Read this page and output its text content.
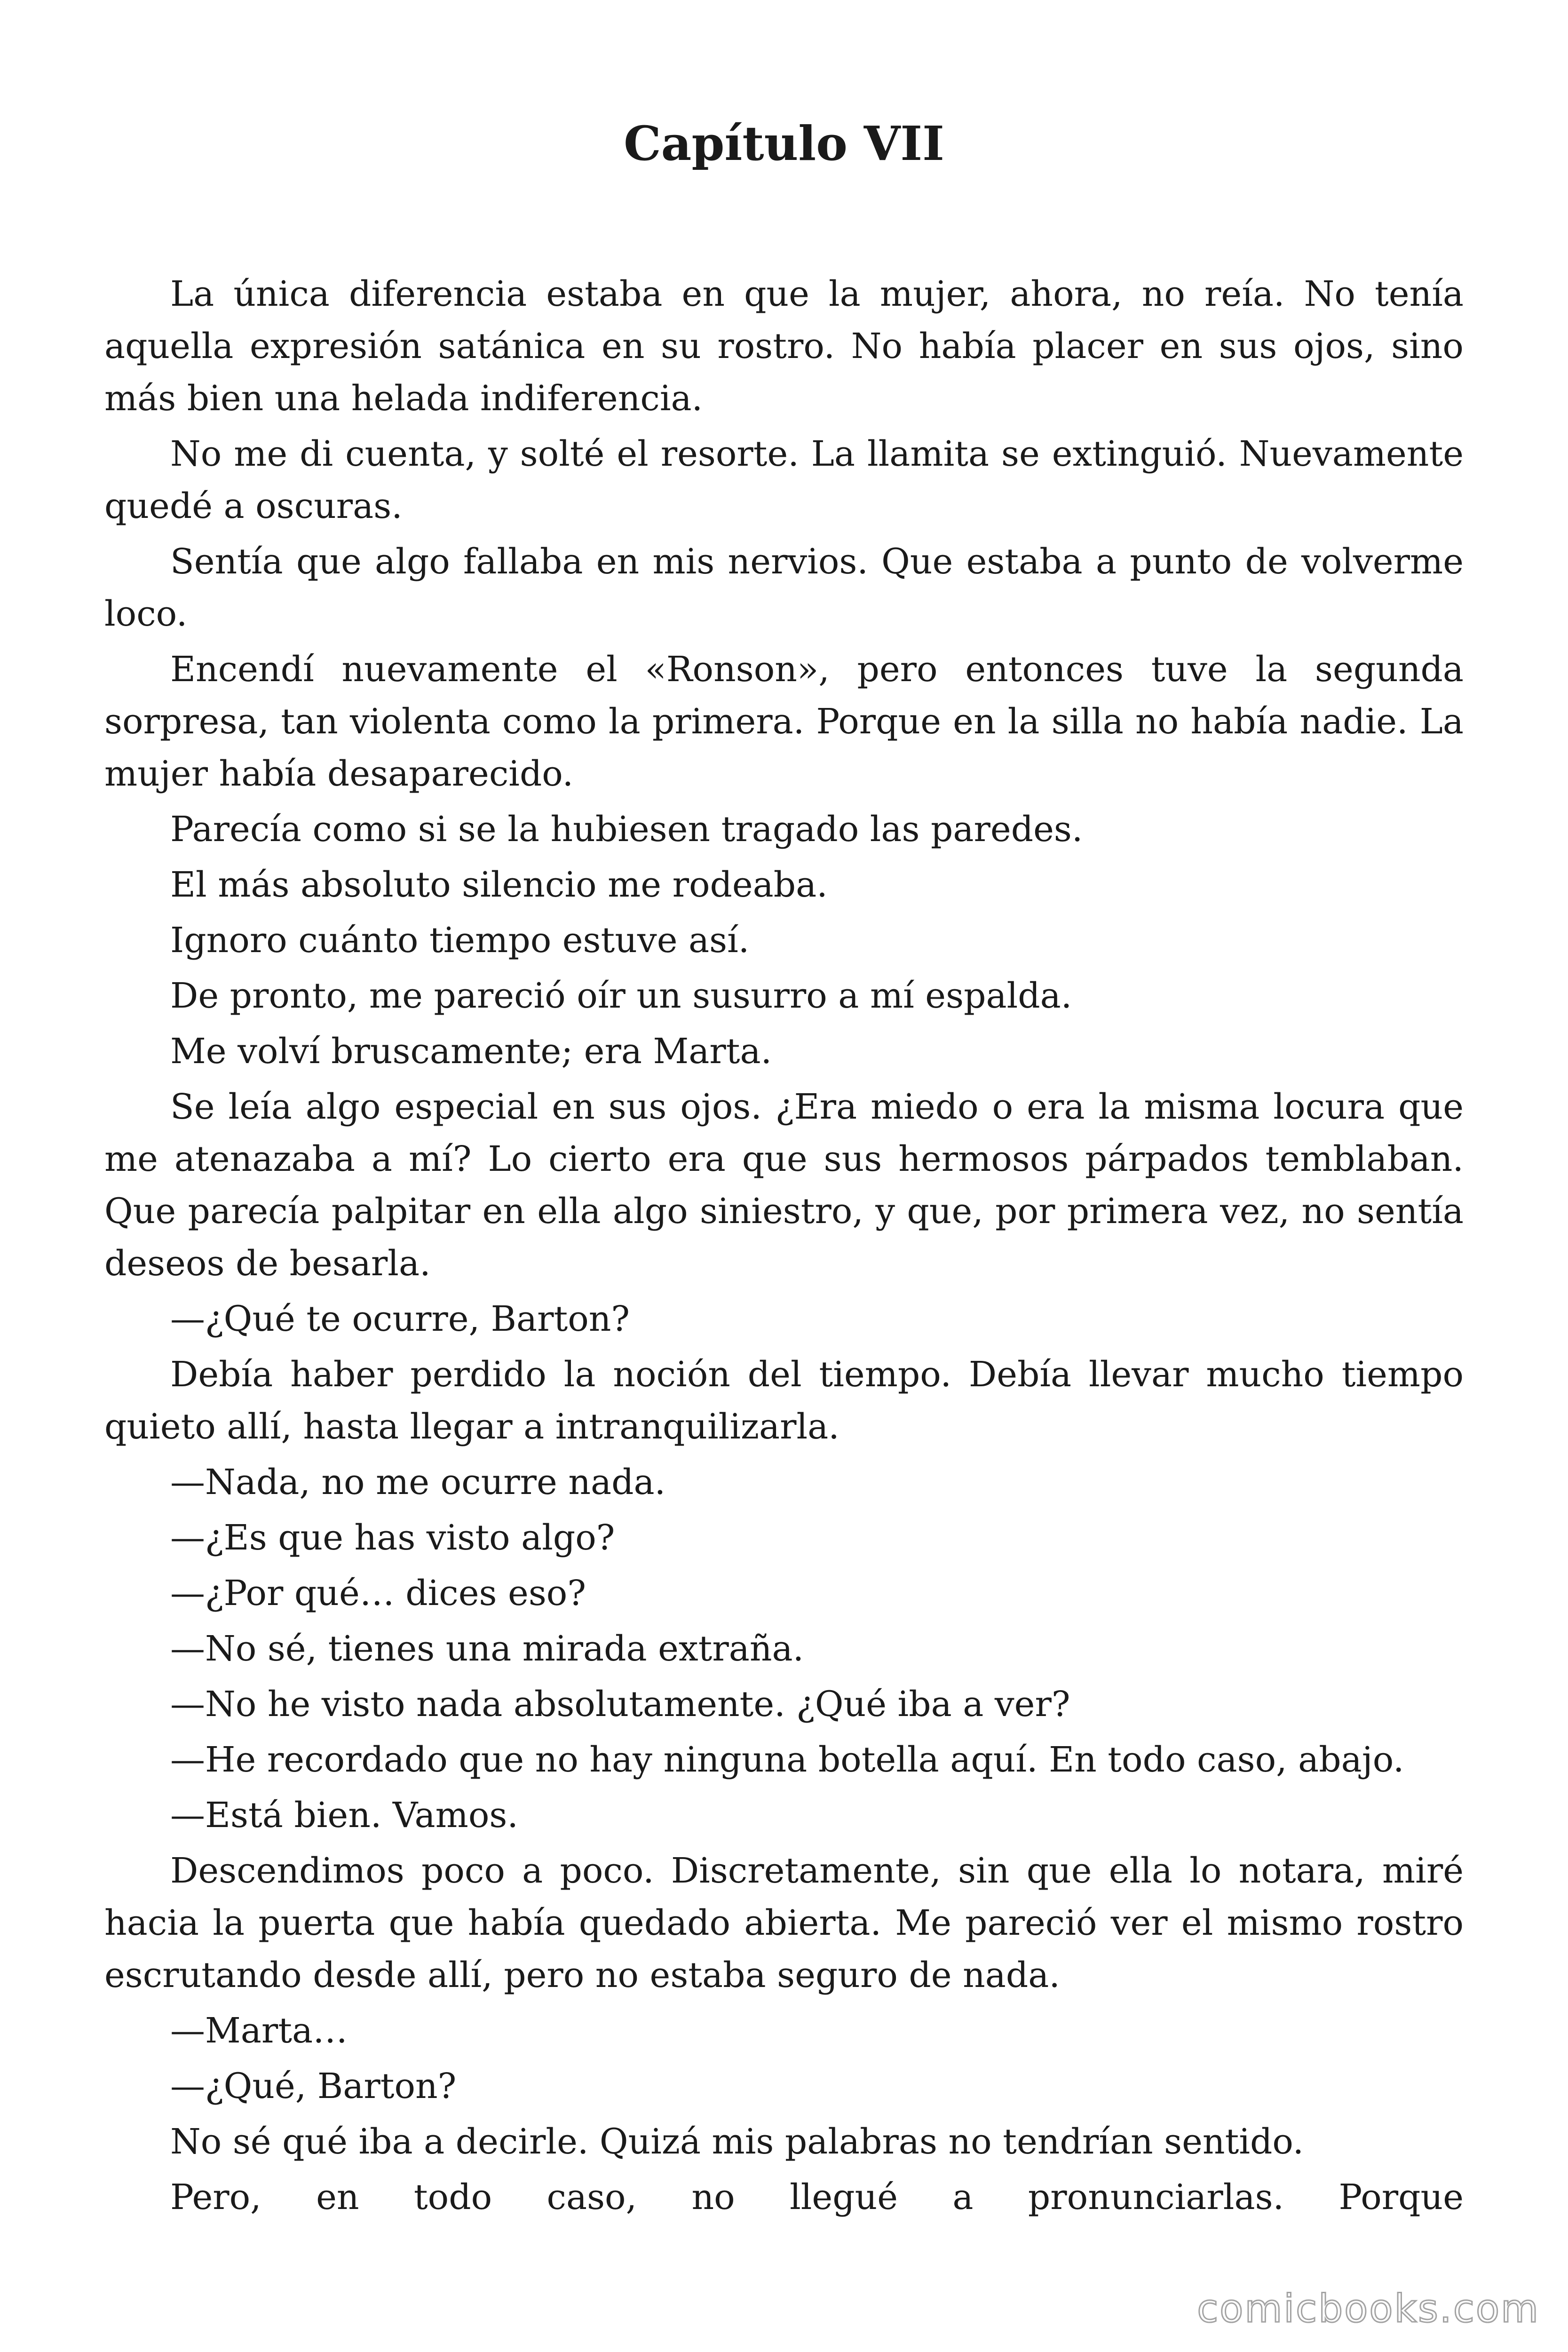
Capítulo VII

La única diferencia estaba en que la mujer, ahora, no reía. No tenía aquella expresión satánica en su rostro. No había placer en sus ojos, sino más bien una helada indiferencia.

No me di cuenta, y solté el resorte. La llamita se extinguió. Nuevamente quedé a oscuras.

Sentía que algo fallaba en mis nervios. Que estaba a punto de volverme loco.

Encendí nuevamente el «Ronson», pero entonces tuve la segunda sorpresa, tan violenta como la primera. Porque en la silla no había nadie. La mujer había desaparecido.

Parecía como si se la hubiesen tragado las paredes.

El más absoluto silencio me rodeaba.

Ignoro cuánto tiempo estuve así.

De pronto, me pareció oír un susurro a mí espalda.

Me volví bruscamente; era Marta.

Se leía algo especial en sus ojos. ¿Era miedo o era la misma locura que me atenazaba a mí? Lo cierto era que sus hermosos párpados temblaban. Que parecía palpitar en ella algo siniestro, y que, por primera vez, no sentía deseos de besarla.

—¿Qué te ocurre, Barton?

Debía haber perdido la noción del tiempo. Debía llevar mucho tiempo quieto allí, hasta llegar a intranquilizarla.

—Nada, no me ocurre nada.

—¿Es que has visto algo?

—¿Por qué… dices eso?

—No sé, tienes una mirada extraña.

—No he visto nada absolutamente. ¿Qué iba a ver?

—He recordado que no hay ninguna botella aquí. En todo caso, abajo.

—Está bien. Vamos.

Descendimos poco a poco. Discretamente, sin que ella lo notara, miré hacia la puerta que había quedado abierta. Me pareció ver el mismo rostro escrutando desde allí, pero no estaba seguro de nada.

—Marta…

—¿Qué, Barton?

No sé qué iba a decirle. Quizá mis palabras no tendrían sentido.

Pero, en todo caso, no llegué a pronunciarlas. Porque

comicbooks.com
